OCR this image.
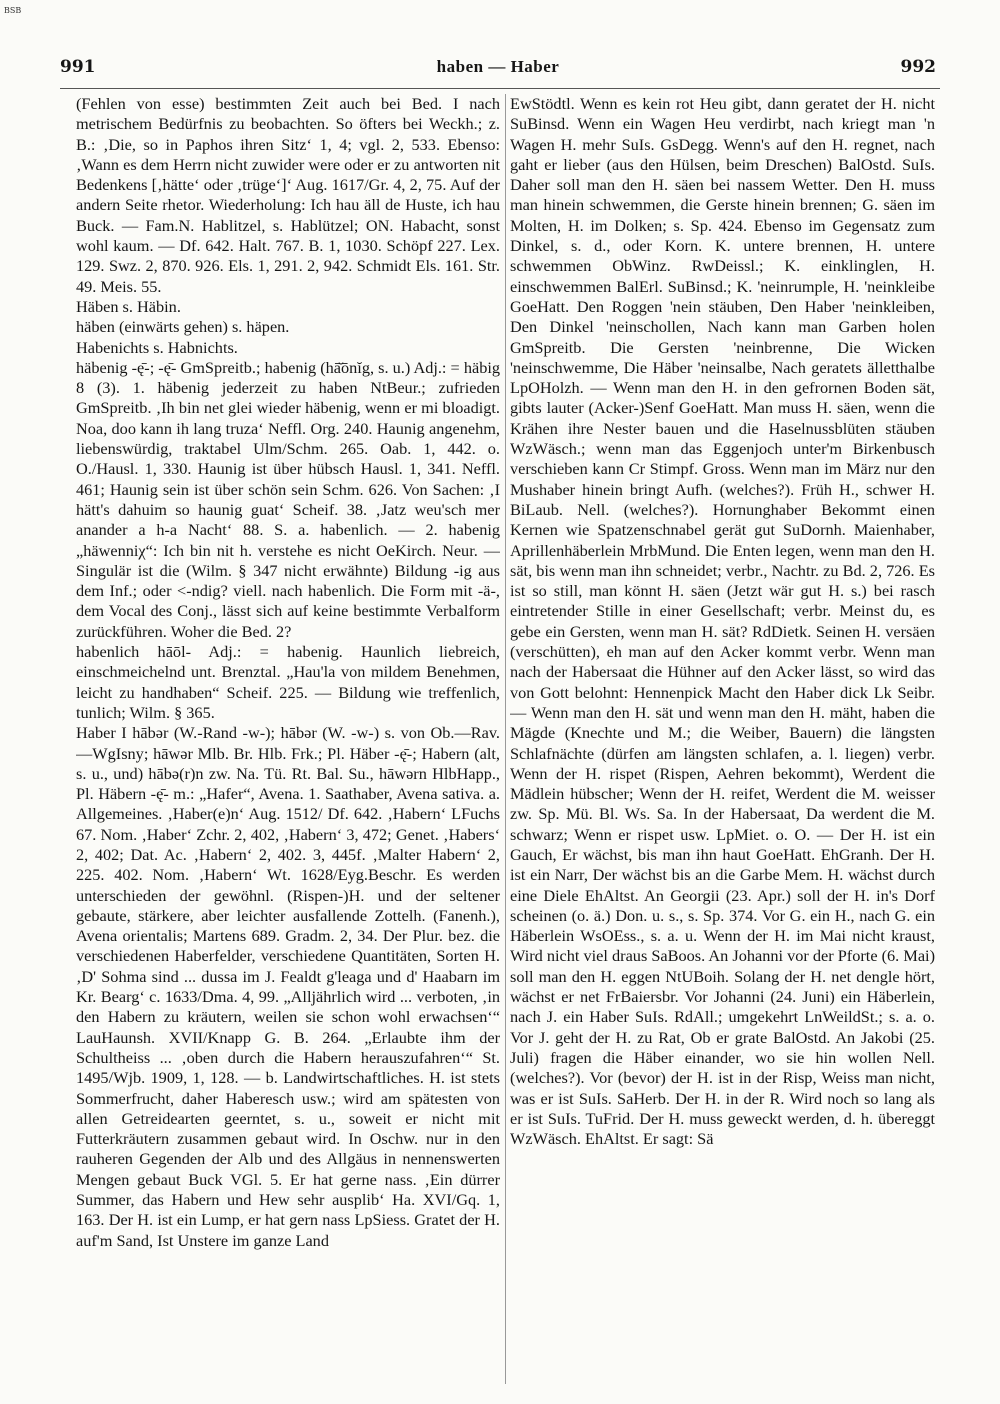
BSB
991	haben — Haber	992

(Fehlen von esse) bestimmten Zeit auch bei Bed. I nach metrischem Bedürfnis zu beobachten. So öfters bei Weckh.; z. B.: ‚Die, so in Paphos ihren Sitz‘ 1, 4; vgl. 2, 533. Ebenso: ‚Wann es dem Herrn nicht zuwider were oder er zu antworten nit Bedenkens [‚hätte‘ oder ‚trüge‘]‘ Aug. 1617/Gr. 4, 2, 75. Auf der andern Seite rhetor. Wiederholung: Ich hau äll de Huste, ich hau Buck. — Fam.N. Hablitzel, s. Hablützel; ON. Habacht, sonst wohl kaum. — Df. 642. Halt. 767. B. 1, 1030. Schöpf 227. Lex. 129. Swz. 2, 870. 926. Els. 1, 291. 2, 942. Schmidt Els. 161. Str. 49. Meis. 55.

Häben s. Häbin.

häben (einwärts gehen) s. häpen.

Habenichts s. Habnichts.

häbenig -ę̄-; -ę̄- GmSpreitb.; habenig (hā̆ōnĭg, s. u.) Adj.: = häbig 8 (3). 1. häbenig jederzeit zu haben NtBeur.; zufrieden GmSpreitb. ‚Ih bin net glei wieder häbenig, wenn er mi bloadigt. Noa, doo kann ih lang truza‘ Neffl. Org. 240. Haunig angenehm, liebenswürdig, traktabel Ulm/Schm. 265. Oab. 1, 442. o. O./Hausl. 1, 330. Haunig ist über hübsch Hausl. 1, 341. Neffl. 461; Haunig sein ist über schön sein Schm. 626. Von Sachen: ‚I hätt's dahuim so haunig guat‘ Scheif. 38. ‚Jatz weu'sch mer anander a h-a Nacht‘ 88. S. a. habenlich. — 2. habenig „häwenniχ“: Ich bin nit h. verstehe es nicht OeKirch. Neur. — Singulär ist die (Wilm. § 347 nicht erwähnte) Bildung -ig aus dem Inf.; oder <-ndig? viell. nach habenlich. Die Form mit -ä-, dem Vocal des Conj., lässt sich auf keine bestimmte Verbalform zurückführen. Woher die Bed. 2?

habenlich hāōl- Adj.: = habenig. Haunlich liebreich, einschmeichelnd unt. Brenztal. „Hau'la von mildem Benehmen, leicht zu handhaben“ Scheif. 225. — Bildung wie treffenlich, tunlich; Wilm. § 365.

Haber I hābər (W.-Rand -w-); hābər (W. -w-) s. von Ob.—Rav.—WgIsny; hāwər Mlb. Br. Hlb. Frk.; Pl. Häber -ę̄-; Habern (alt, s. u., und) hābə(r)n zw. Na. Tü. Rt. Bal. Su., hāwərn HlbHapp., Pl. Häbern -ę̄- m.: „Hafer“, Avena. 1. Saathaber, Avena sativa. a. Allgemeines. ‚Haber(e)n‘ Aug. 1512/ Df. 642. ‚Habern‘ LFuchs 67. Nom. ‚Haber‘ Zchr. 2, 402, ‚Habern‘ 3, 472; Genet. ‚Habers‘ 2, 402; Dat. Ac. ‚Habern‘ 2, 402. 3, 445f. ‚Malter Habern‘ 2, 225. 402. Nom. ‚Habern‘ Wt. 1628/Eyg.Beschr. Es werden unterschieden der gewöhnl. (Rispen-)H. und der seltener gebaute, stärkere, aber leichter ausfallende Zottelh. (Fanenh.), Avena orientalis; Martens 689. Gradm. 2, 34. Der Plur. bez. die verschiedenen Haberfelder, verschiedene Quantitäten, Sorten H. ‚D' Sohma sind ... dussa im J. Fealdt g'leaga und d' Haabarn im Kr. Bearg‘ c. 1633/Dma. 4, 99. „Alljährlich wird ... verboten, ‚in den Habern zu kräutern, weilen sie schon wohl erwachsen‘“ LauHaunsh. XVII/Knapp G. B. 264. „Erlaubte ihm der Schultheiss ... ‚oben durch die Habern herauszufahren‘“ St. 1495/Wjb. 1909, 1, 128. — b. Landwirtschaftliches. H. ist stets Sommerfrucht, daher Haberesch usw.; wird am spätesten von allen Getreidearten geerntet, s. u., soweit er nicht mit Futterkräutern zusammen gebaut wird. In Oschw. nur in den rauheren Gegenden der Alb und des Allgäus in nennenswerten Mengen gebaut Buck VGl. 5. Er hat gerne nass. ‚Ein dürrer Summer, das Habern und Hew sehr ausplib‘ Ha. XVI/Gq. 1, 163. Der H. ist ein Lump, er hat gern nass LpSiess. Gratet der H. auf'm Sand, Ist Unstere im ganze Land

EwStödtl. Wenn es kein rot Heu gibt, dann geratet der H. nicht SuBinsd. Wenn ein Wagen Heu verdirbt, nach kriegt man 'n Wagen H. mehr SuIs. GsDegg. Wenn's auf den H. regnet, nach gaht er lieber (aus den Hülsen, beim Dreschen) BalOstd. SuIs. Daher soll man den H. säen bei nassem Wetter. Den H. muss man hinein schwemmen, die Gerste hinein brennen; G. säen im Molten, H. im Dolken; s. Sp. 424. Ebenso im Gegensatz zum Dinkel, s. d., oder Korn. K. untere brennen, H. untere schwemmen ObWinz. RwDeissl.; K. einklinglen, H. einschwemmen BalErl. SuBinsd.; K. 'neinrumple, H. 'neinkleibe GoeHatt. Den Roggen 'nein stäuben, Den Haber 'neinkleiben, Den Dinkel 'neinschollen, Nach kann man Garben holen GmSpreitb. Die Gersten 'neinbrenne, Die Wicken 'neinschwemme, Die Häber 'neinsalbe, Nach geratets älletthalbe LpOHolzh. — Wenn man den H. in den gefrornen Boden sät, gibts lauter (Acker-)Senf GoeHatt. Man muss H. säen, wenn die Krähen ihre Nester bauen und die Haselnussblüten stäuben WzWäsch.; wenn man das Eggenjoch unter'm Birkenbusch verschieben kann Cr Stimpf. Gross. Wenn man im März nur den Mushaber hinein bringt Aufh. (welches?). Früh H., schwer H. BiLaub. Nell. (welches?). Hornunghaber Bekommt einen Kernen wie Spatzenschnabel gerät gut SuDornh. Maienhaber, Aprillenhäberlein MrbMund. Die Enten legen, wenn man den H. sät, bis wenn man ihn schneidet; verbr., Nachtr. zu Bd. 2, 726. Es ist so still, man könnt H. säen (Jetzt wär gut H. s.) bei rasch eintretender Stille in einer Gesellschaft; verbr. Meinst du, es gebe ein Gersten, wenn man H. sät? RdDietk. Seinen H. versäen (verschütten), eh man auf den Acker kommt verbr. Wenn man nach der Habersaat die Hühner auf den Acker lässt, so wird das von Gott belohnt: Hennenpick Macht den Haber dick Lk Seibr. — Wenn man den H. sät und wenn man den H. mäht, haben die Mägde (Knechte und M.; die Weiber, Bauern) die längsten Schlafnächte (dürfen am längsten schlafen, a. l. liegen) verbr. Wenn der H. rispet (Rispen, Aehren bekommt), Werdent die Mädlein hübscher; Wenn der H. reifet, Werdent die M. weisser zw. Sp. Mü. Bl. Ws. Sa. In der Habersaat, Da werdent die M. schwarz; Wenn er rispet usw. LpMiet. o. O. — Der H. ist ein Gauch, Er wächst, bis man ihn haut GoeHatt. EhGranh. Der H. ist ein Narr, Der wächst bis an die Garbe Mem. H. wächst durch eine Diele EhAltst. An Georgii (23. Apr.) soll der H. in's Dorf scheinen (o. ä.) Don. u. s., s. Sp. 374. Vor G. ein H., nach G. ein Häberlein WsOEss., s. a. u. Wenn der H. im Mai nicht kraust, Wird nicht viel draus SaBoos. An Johanni vor der Pforte (6. Mai) soll man den H. eggen NtUBoih. Solang der H. net dengle hört, wächst er net FrBaiersbr. Vor Johanni (24. Juni) ein Häberlein, nach J. ein Haber SuIs. RdAll.; umgekehrt LnWeildSt.; s. a. o. Vor J. geht der H. zu Rat, Ob er grate BalOstd. An Jakobi (25. Juli) fragen die Häber einander, wo sie hin wollen Nell. (welches?). Vor (bevor) der H. ist in der Risp, Weiss man nicht, was er ist SuIs. SaHerb. Der H. in der R. Wird noch so lang als er ist SuIs. TuFrid. Der H. muss geweckt werden, d. h. übereggt WzWäsch. EhAltst. Er sagt: Sä
